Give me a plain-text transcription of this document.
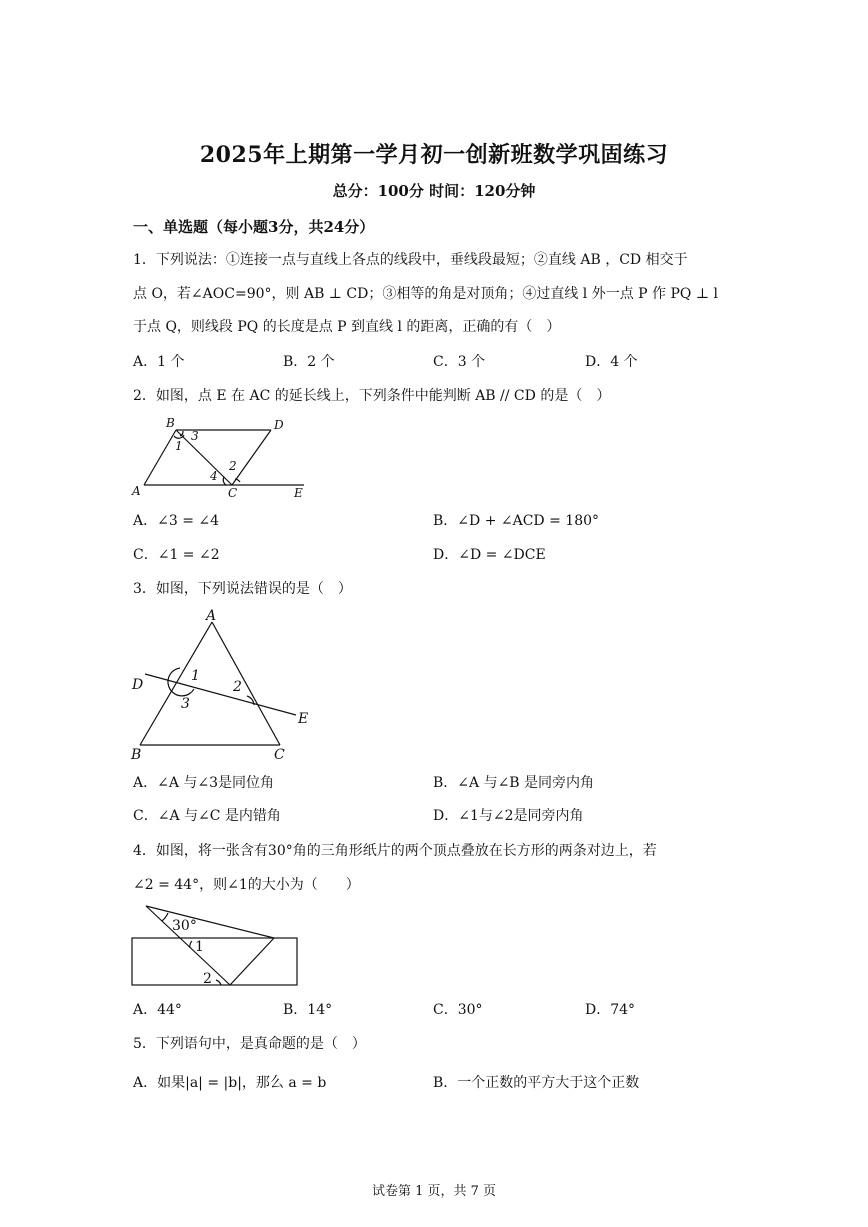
2025年上期第一学月初一创新班数学巩固练习
总分：100分 时间：120分钟
一、单选题（每小题3分，共24分）
1．下列说法：①连接一点与直线上各点的线段中，垂线段最短；②直线 AB ，CD 相交于
点 O，若∠AOC=90°，则 AB ⊥ CD；③相等的角是对顶角；④过直线 l 外一点 P 作 PQ ⊥ l
于点 Q，则线段 PQ 的长度是点 P 到直线 l 的距离，正确的有（　）
A．1 个	B．2 个	C．3 个	D．4 个
2．如图，点 E 在 AC 的延长线上，下列条件中能判断 AB // CD 的是（　）
B	D
1
3
2
4
A	C	E
A．∠3 = ∠4	B．∠D + ∠ACD = 180°
C．∠1 = ∠2	D．∠D = ∠DCE
3．如图，下列说法错误的是（　）
A
D
1
2
3
E
B	C
A．∠A 与∠3是同位角	B．∠A 与∠B 是同旁内角
C．∠A 与∠C 是内错角	D．∠1与∠2是同旁内角
4．如图，将一张含有30°角的三角形纸片的两个顶点叠放在长方形的两条对边上，若
∠2 = 44°，则∠1的大小为（　　）
30°
1
2
A．44°	B．14°	C．30°	D．74°
5．下列语句中，是真命题的是（　）
A．如果|a| = |b|，那么 a = b	B．一个正数的平方大于这个正数
试卷第 1 页，共 7 页
